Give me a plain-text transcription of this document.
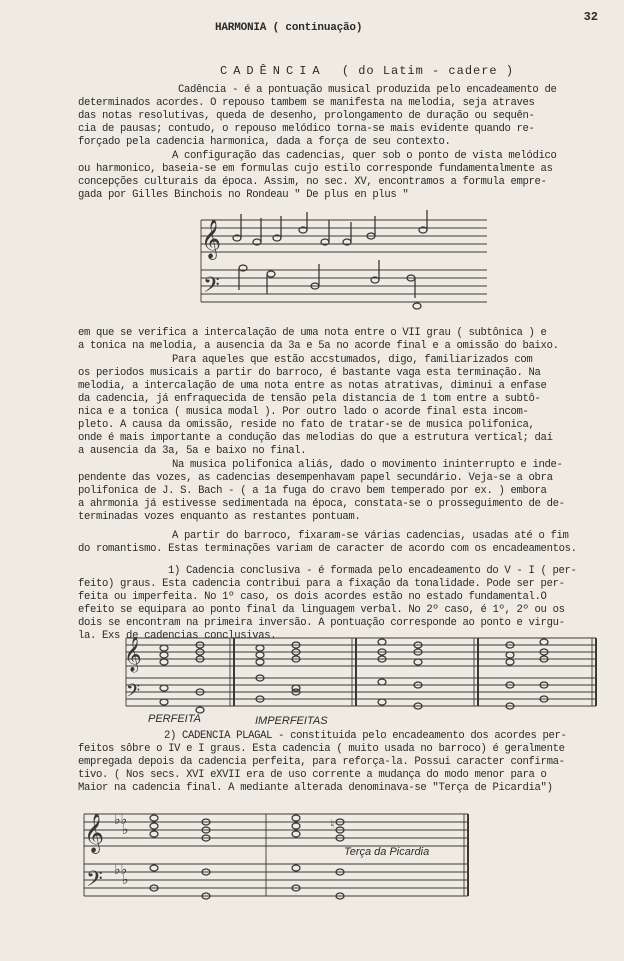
32
HARMONIA ( continuação)
CADÊNCIA ( do Latim - cadere )
Cadência - é a pontuação musical produzida pelo encadeamento de
determinados acordes. O repouso tambem se manifesta na melodia, seja atraves
das notas resolutivas, queda de desenho, prolongamento de duração ou sequên-
cia de pausas; contudo, o repouso melódico torna-se mais evidente quando re-
forçado pela cadencia harmonica, dada a força de seu contexto.
A configuração das cadencias, quer sob o ponto de vista melódico
ou harmonico, baseia-se em formulas cujo estilo corresponde fundamentalmente as
concepções culturais da época. Assim, no sec. XV, encontramos a formula empre-
gada por Gilles Binchois no Rondeau " De plus en plus "
𝄞
𝄢
em que se verifica a intercalação de uma nota entre o VII grau ( subtônica ) e
a tonica na melodia, a ausencia da 3a e 5a no acorde final e a omissão do baixo.
Para aqueles que estão accstumados, digo, familiarizados com
os periodos musicais a partir do barroco, é bastante vaga esta terminação. Na
melodia, a intercalação de uma nota entre as notas atrativas, diminui a enfase
da cadencia, já enfraquecida de tensão pela distancia de 1 tom entre a subtô-
nica e a tonica ( musica modal ). Por outro lado o acorde final esta incom-
pleto. A causa da omissão, reside no fato de tratar-se de musica polifonica,
onde é mais importante a condução das melodias do que a estrutura vertical; daí
a ausencia da 3a, 5a e baixo no final.
Na musica polifonica aliás, dado o movimento ininterrupto e inde-
pendente das vozes, as cadencias desempenhavam papel secundário. Veja-se a obra
polifonica de J. S. Bach - ( a 1a fuga do cravo bem temperado por ex. ) embora
a ahrmonia já estivesse sedimentada na época, constata-se o prosseguimento de de-
terminadas vozes enquanto as restantes pontuam.
A partir do barroco, fixaram-se várias cadencias, usadas até o fim
do romantismo. Estas terminações variam de caracter de acordo com os encadeamentos.
1) Cadencia conclusiva - é formada pelo encadeamento do V - I ( per-
feito) graus. Esta cadencia contribui para a fixação da tonalidade. Pode ser per-
feita ou imperfeita. No 1º caso, os dois acordes estão no estado fundamental.O
efeito se equipara ao ponto final da linguagem verbal. No 2º caso, é 1º, 2º ou os
dois se encontram na primeira inversão. A pontuação corresponde ao ponto e virgu-
la. Exs de cadencias conclusivas.
𝄞
𝄢
PERFEITA	IMPERFEITAS
2) CADENCIA PLAGAL - constituida pelo encadeamento dos acordes per-
feitos sôbre o IV e I graus. Esta cadencia ( muito usada no barroco) é geralmente
empregada depois da cadencia perfeita, para reforça-la. Possui caracter confirma-
tivo. ( Nos secs. XVI eXVII era de uso corrente a mudança do modo menor para o
Maior na cadencia final. A mediante alterada denominava-se "Terça de Picardia")
𝄞
𝄢
♭♭
♭
♭♭
♭
♮
Terça da Picardia
